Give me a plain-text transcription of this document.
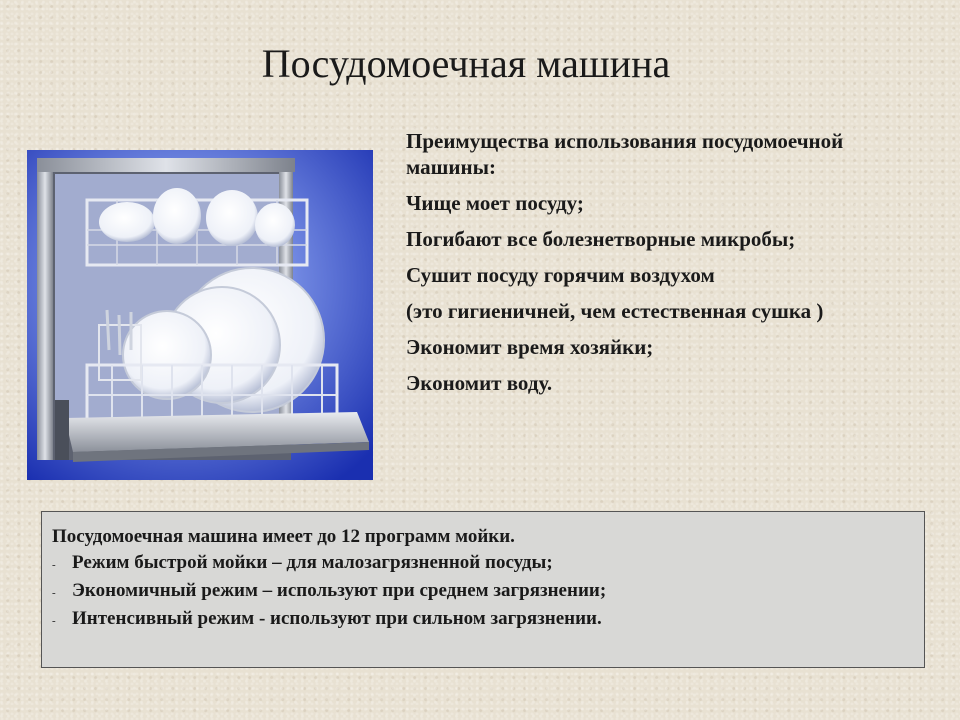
Посудомоечная машина
Преимущества использования посудомоечной машины:
Чище моет посуду;
Погибают все болезнетворные микробы;
Сушит посуду горячим воздухом
(это гигиеничней, чем естественная сушка )
Экономит время хозяйки;
Экономит воду.
Посудомоечная машина имеет до 12 программ мойки.
- Режим быстрой мойки – для малозагрязненной посуды;
- Экономичный режим – используют при среднем загрязнении;
- Интенсивный режим - используют при сильном загрязнении.
